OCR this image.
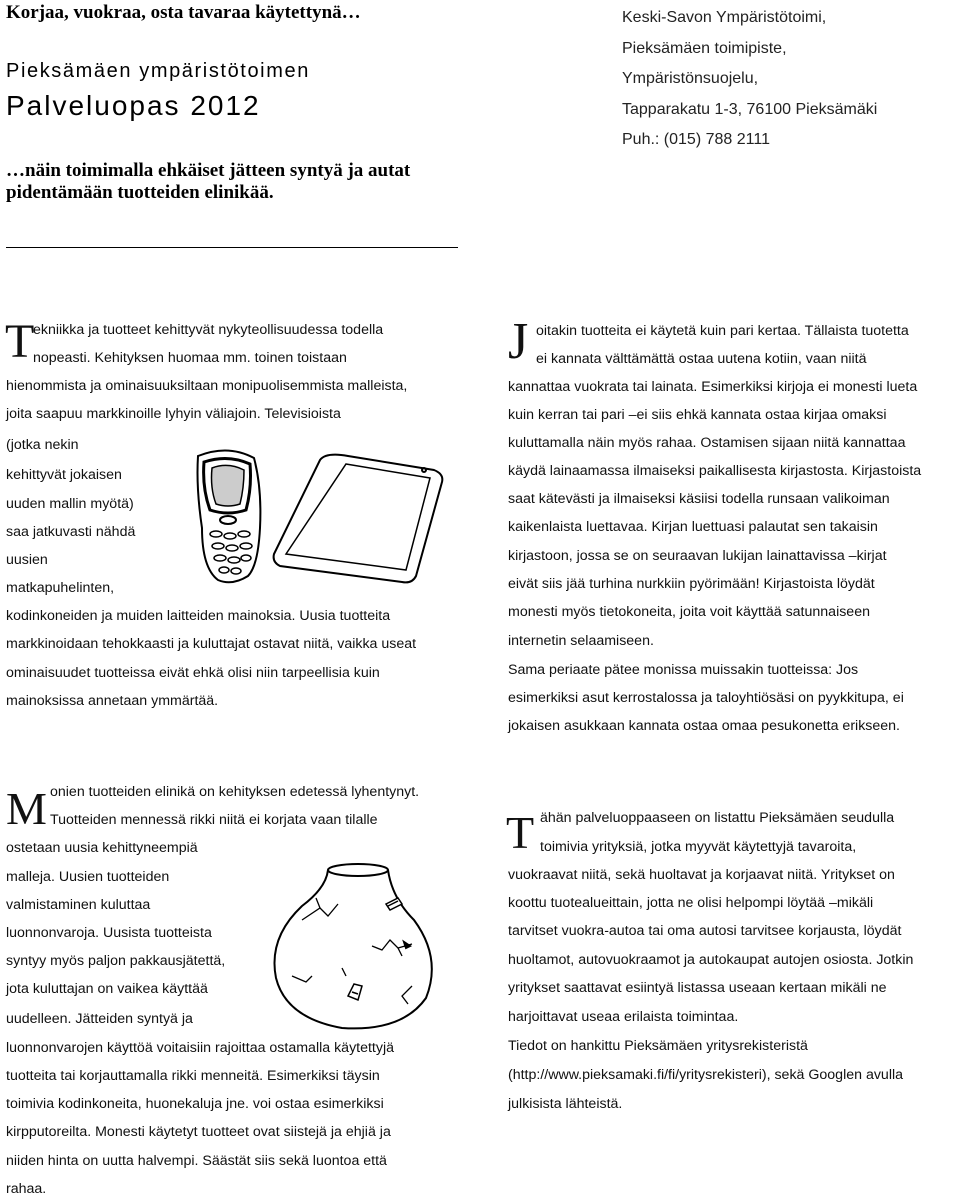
Korjaa, vuokraa, osta tavaraa käytettynä…
Pieksämäen ympäristötoimen
Palveluopas 2012
…näin toimimalla ehkäiset jätteen syntyä ja autat
pidentämään tuotteiden elinikää.
Keski-Savon Ympäristötoimi,
Pieksämäen toimipiste,
Ympäristönsuojelu,
Tapparakatu 1-3, 76100 Pieksämäki
Puh.: (015) 788 2111
T
ekniikka ja tuotteet kehittyvät nykyteollisuudessa todella
nopeasti. Kehityksen huomaa mm. toinen toistaan
hienommista ja ominaisuuksiltaan monipuolisemmista malleista,
joita saapuu markkinoille lyhyin väliajoin. Televisioista
(jotka nekin
kehittyvät jokaisen
uuden mallin myötä)
saa jatkuvasti nähdä
uusien
matkapuhelinten,
kodinkoneiden ja muiden laitteiden mainoksia. Uusia tuotteita
markkinoidaan tehokkaasti ja kuluttajat ostavat niitä, vaikka useat
ominaisuudet tuotteissa eivät ehkä olisi niin tarpeellisia kuin
mainoksissa annetaan ymmärtää.
J oitakin tuotteita ei käytetä kuin pari kertaa. Tällaista tuotetta
ei kannata välttämättä ostaa uutena kotiin, vaan niitä
kannattaa vuokrata tai lainata. Esimerkiksi kirjoja ei monesti lueta
kuin kerran tai pari –ei siis ehkä kannata ostaa kirjaa omaksi
kuluttamalla näin myös rahaa. Ostamisen sijaan niitä kannattaa
käydä lainaamassa ilmaiseksi paikallisesta kirjastosta. Kirjastoista
saat kätevästi ja ilmaiseksi käsiisi todella runsaan valikoiman
kaikenlaista luettavaa. Kirjan luettuasi palautat sen takaisin
kirjastoon, jossa se on seuraavan lukijan lainattavissa –kirjat
eivät siis jää turhina nurkkiin pyörimään! Kirjastoista löydät
monesti myös tietokoneita, joita voit käyttää satunnaiseen
internetin selaamiseen.
Sama periaate pätee monissa muissakin tuotteissa: Jos
esimerkiksi asut kerrostalossa ja taloyhtiösäsi on pyykkitupa, ei
jokaisen asukkaan kannata ostaa omaa pesukonetta erikseen.
M onien tuotteiden elinikä on kehityksen edetessä lyhentynyt.
Tuotteiden mennessä rikki niitä ei korjata vaan tilalle
ostetaan uusia kehittyneempiä
malleja. Uusien tuotteiden
valmistaminen kuluttaa
luonnonvaroja. Uusista tuotteista
syntyy myös paljon pakkausjätettä,
jota kuluttajan on vaikea käyttää
uudelleen. Jätteiden syntyä ja
luonnonvarojen käyttöä voitaisiin rajoittaa ostamalla käytettyjä
tuotteita tai korjauttamalla rikki menneitä. Esimerkiksi täysin
toimivia kodinkoneita, huonekaluja jne. voi ostaa esimerkiksi
kirpputoreilta. Monesti käytetyt tuotteet ovat siistejä ja ehjiä ja
niiden hinta on uutta halvempi. Säästät siis sekä luontoa että
rahaa.
T ähän palveluoppaaseen on listattu Pieksämäen seudulla
toimivia yrityksiä, jotka myyvät käytettyjä tavaroita,
vuokraavat niitä, sekä huoltavat ja korjaavat niitä. Yritykset on
koottu tuotealueittain, jotta ne olisi helpompi löytää –mikäli
tarvitset vuokra-autoa tai oma autosi tarvitsee korjausta, löydät
huoltamot, autovuokraamot ja autokaupat autojen osiosta. Jotkin
yritykset saattavat esiintyä listassa useaan kertaan mikäli ne
harjoittavat useaa erilaista toimintaa.
Tiedot on hankittu Pieksämäen yritysrekisteristä
(http://www.pieksamaki.fi/fi/yritysrekisteri), sekä Googlen avulla
julkisista lähteistä.
